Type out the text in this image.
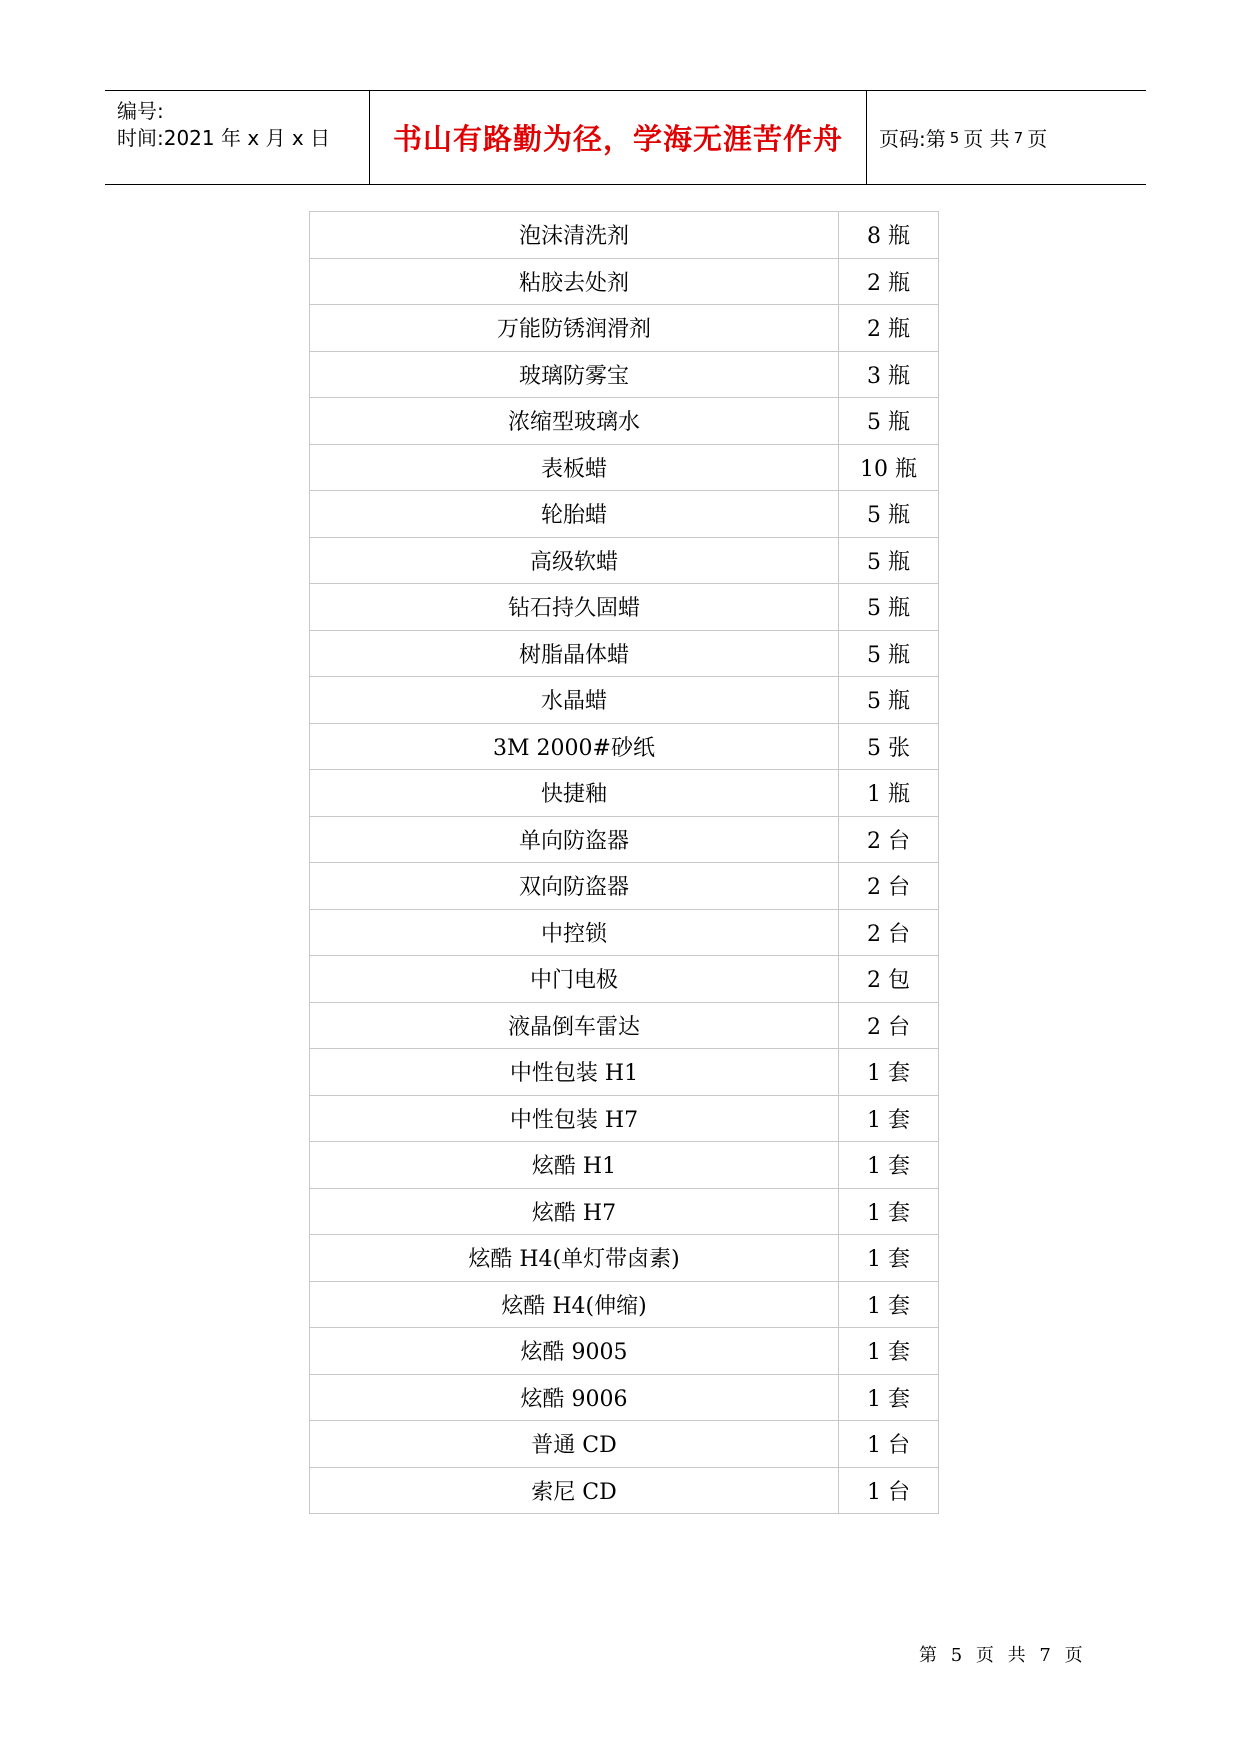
编号:
时间:2021 年 x 月 x 日	书山有路勤为径，学海无涯苦作舟	页码:第 5 页 共 7 页
泡沫清洗剂	8 瓶
粘胶去处剂	2 瓶
万能防锈润滑剂	2 瓶
玻璃防雾宝	3 瓶
浓缩型玻璃水	5 瓶
表板蜡	10 瓶
轮胎蜡	5 瓶
高级软蜡	5 瓶
钻石持久固蜡	5 瓶
树脂晶体蜡	5 瓶
水晶蜡	5 瓶
3M 2000#砂纸	5 张
快捷釉	1 瓶
单向防盗器	2 台
双向防盗器	2 台
中控锁	2 台
中门电极	2 包
液晶倒车雷达	2 台
中性包装 H1	1 套
中性包装 H7	1 套
炫酷 H1	1 套
炫酷 H7	1 套
炫酷 H4(单灯带卤素)	1 套
炫酷 H4(伸缩)	1 套
炫酷 9005	1 套
炫酷 9006	1 套
普通 CD	1 台
索尼 CD	1 台
第 5 页 共 7 页
